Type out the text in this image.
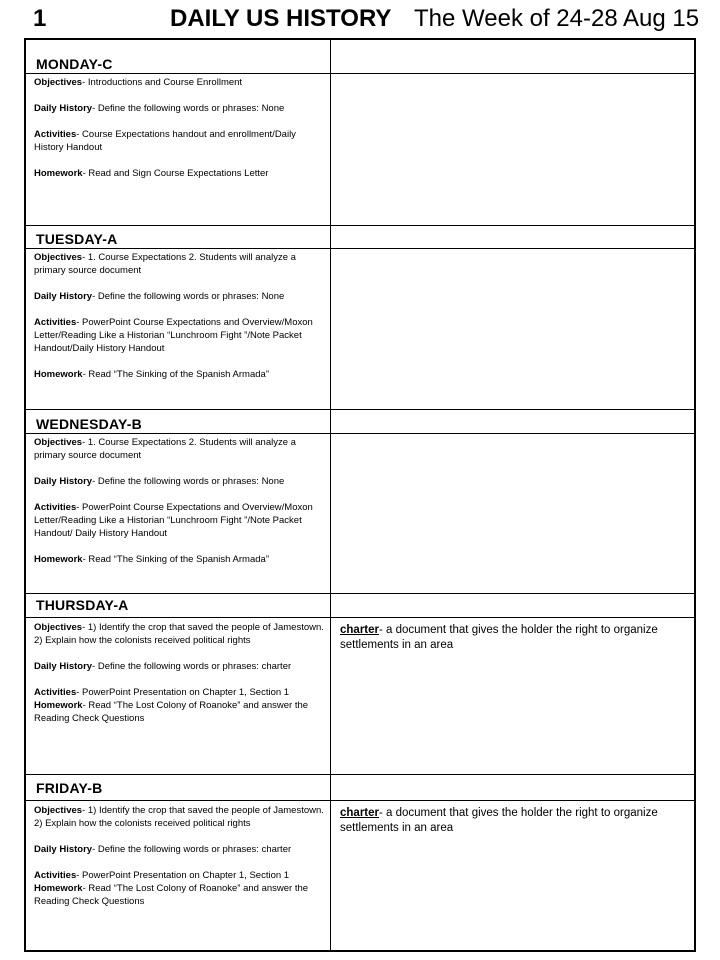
1	DAILY US HISTORY The Week of 24-28 Aug 15
MONDAY-C

Objectives- Introductions and Course Enrollment

Daily History- Define the following words or phrases: None

Activities- Course Expectations handout and enrollment/Daily History Handout

Homework- Read and Sign Course Expectations Letter

TUESDAY-A

Objectives- 1. Course Expectations 2. Students will analyze a primary source document

Daily History- Define the following words or phrases: None

Activities- PowerPoint Course Expectations and Overview/Moxon Letter/Reading Like a Historian “Lunchroom Fight ”/Note Packet Handout/Daily History Handout

Homework- Read “The Sinking of the Spanish Armada”

WEDNESDAY-B

Objectives- 1. Course Expectations 2. Students will analyze a primary source document

Daily History- Define the following words or phrases: None

Activities- PowerPoint Course Expectations and Overview/Moxon Letter/Reading Like a Historian “Lunchroom Fight ”/Note Packet Handout/ Daily History Handout

Homework- Read “The Sinking of the Spanish Armada”

THURSDAY-A

Objectives- 1) Identify the crop that saved the people of Jamestown. 2) Explain how the colonists received political rights

Daily History- Define the following words or phrases: charter

Activities- PowerPoint Presentation on Chapter 1, Section 1

Homework- Read “The Lost Colony of Roanoke” and answer the Reading Check Questions

charter- a document that gives the holder the right to organize settlements in an area
FRIDAY-B

Objectives- 1) Identify the crop that saved the people of Jamestown. 2) Explain how the colonists received political rights

Daily History- Define the following words or phrases: charter

Activities- PowerPoint Presentation on Chapter 1, Section 1

Homework- Read “The Lost Colony of Roanoke” and answer the Reading Check Questions

charter- a document that gives the holder the right to organize settlements in an area
